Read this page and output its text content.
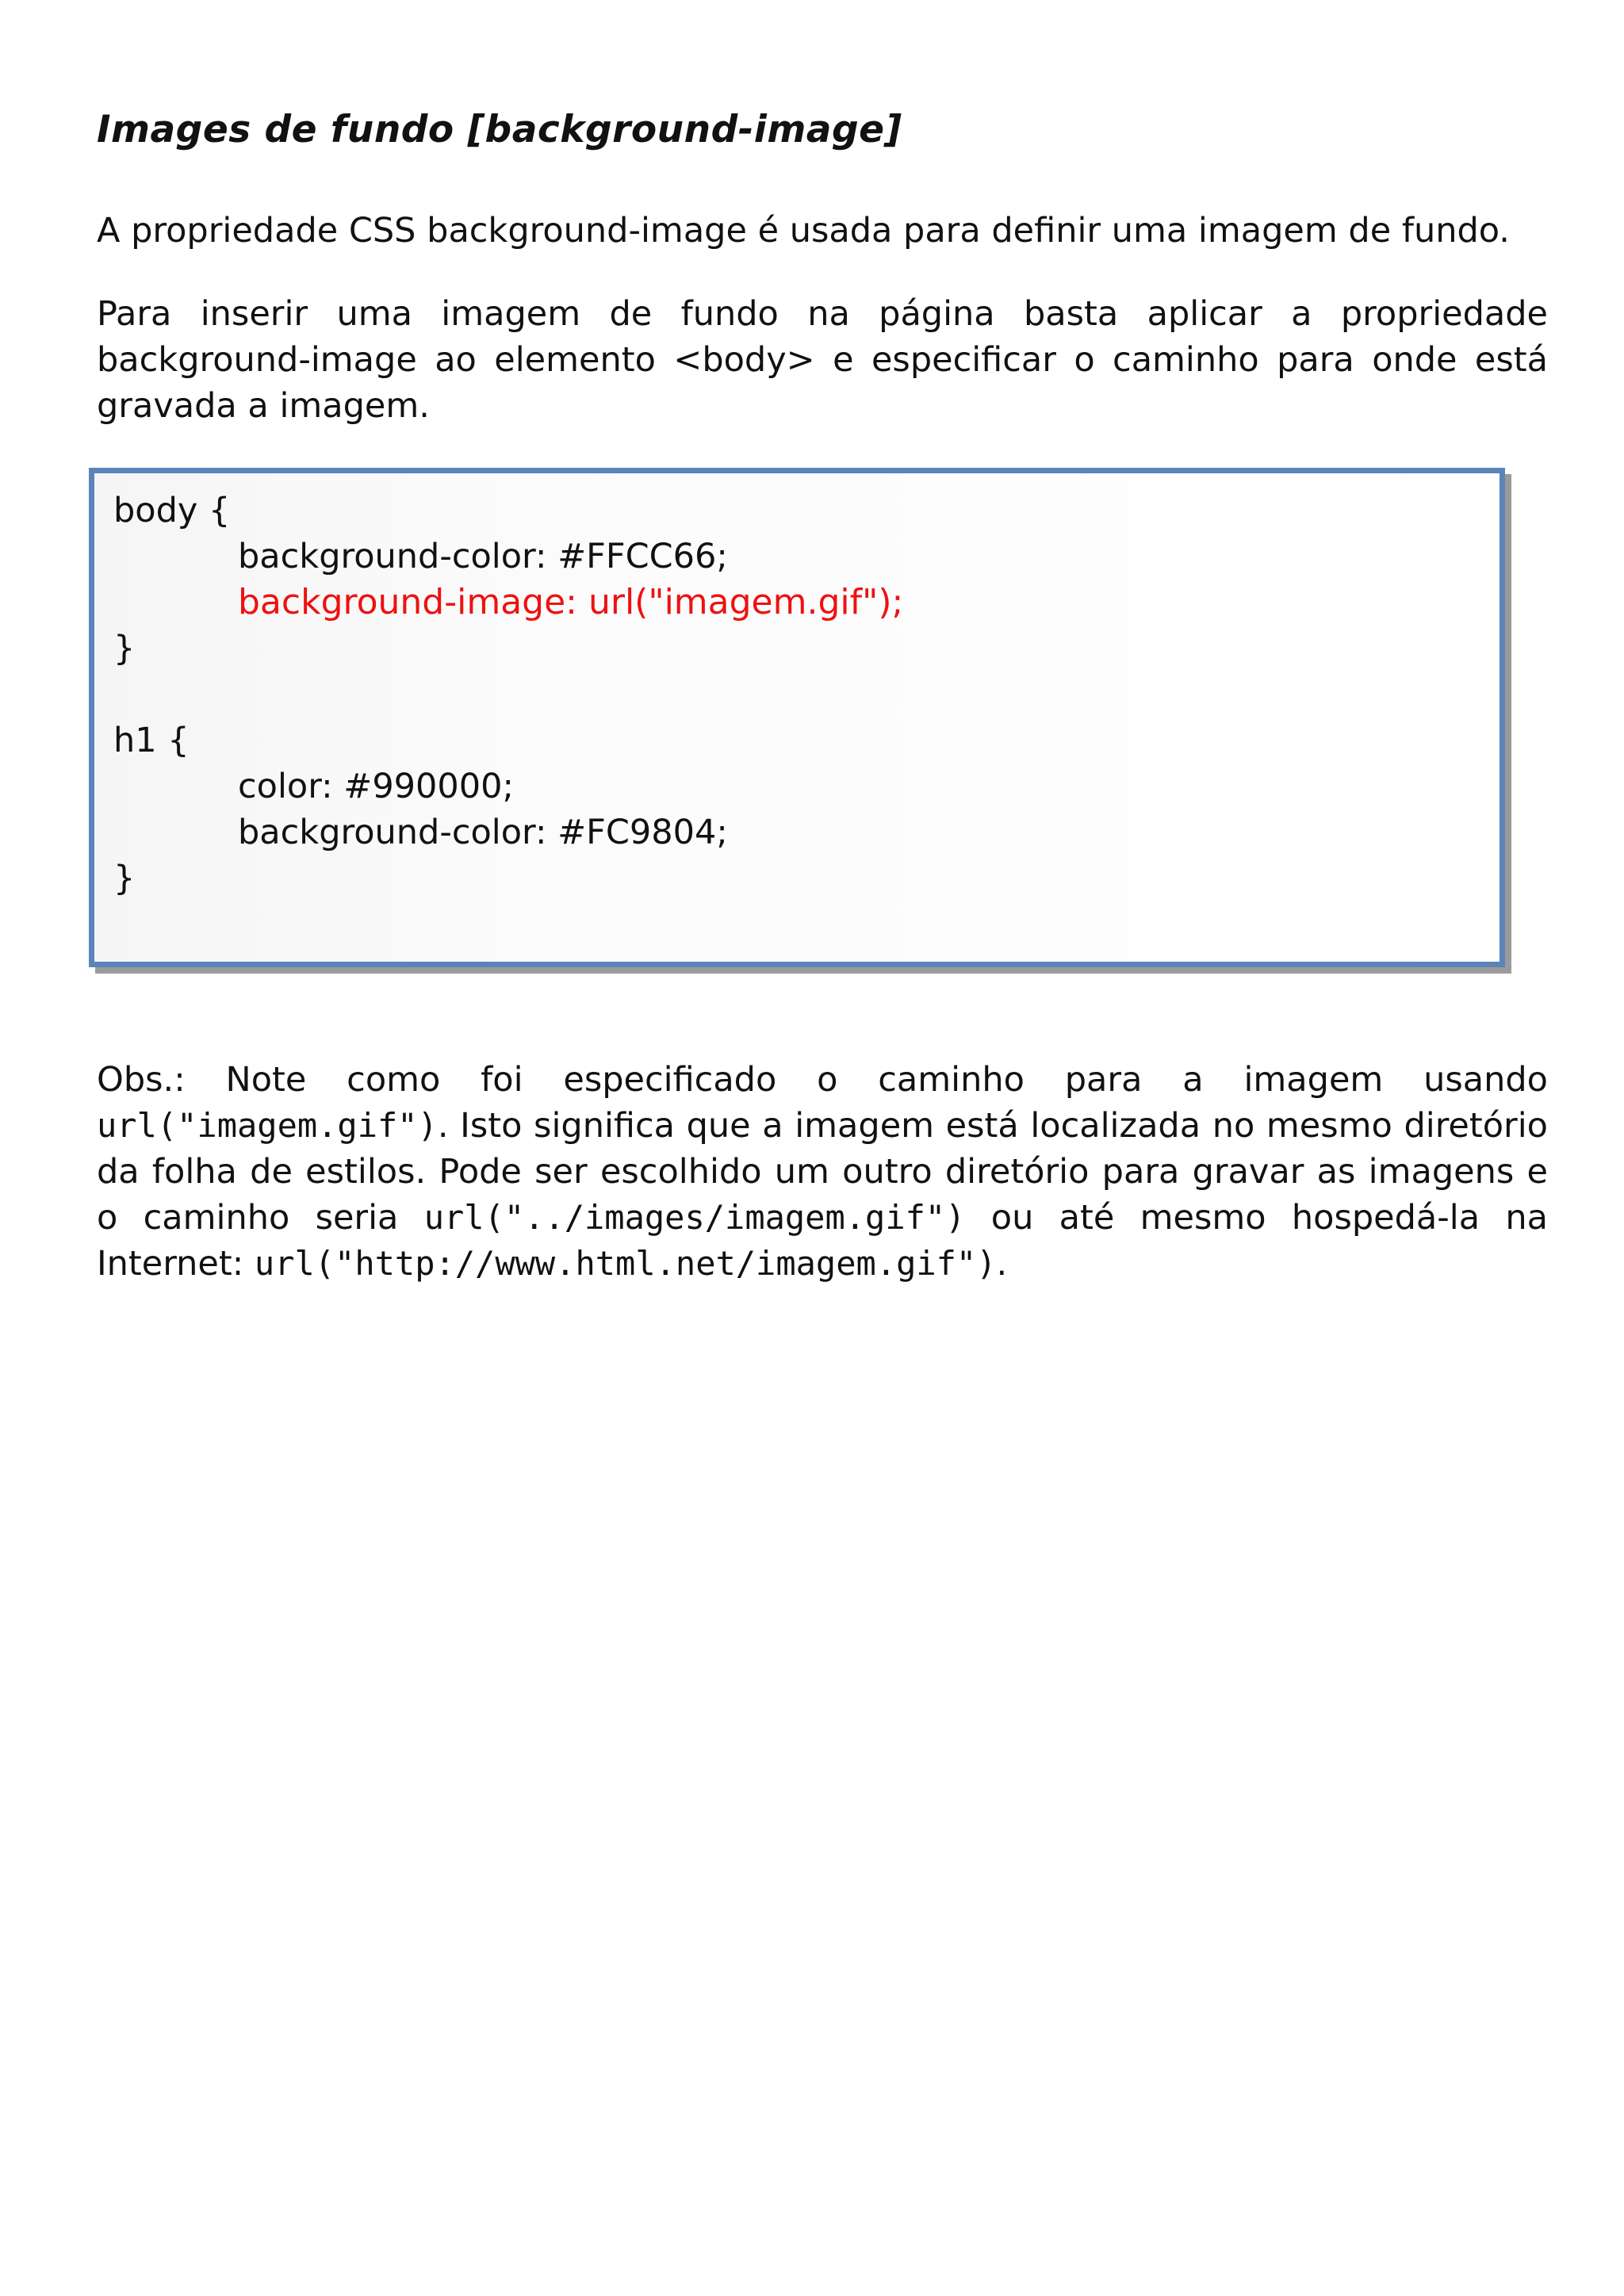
Images de fundo [background-image]
A propriedade CSS background-image é usada para definir uma imagem de fundo.
Para inserir uma imagem de fundo na página basta aplicar a propriedade background-image ao elemento <body> e especificar o caminho para onde está gravada a imagem.
Obs.: Note como foi especificado o caminho para a imagem usando url("imagem.gif"). Isto significa que a imagem está localizada no mesmo diretório da folha de estilos. Pode ser escolhido um outro diretório para gravar as imagens e o caminho seria url("../images/imagem.gif") ou até mesmo hospedá-la na Internet: url("http://www.html.net/imagem.gif").
body {
background-color: #FFCC66;
background-image: url("imagem.gif");
}
h1 {
color: #990000;
background-color: #FC9804;
}
